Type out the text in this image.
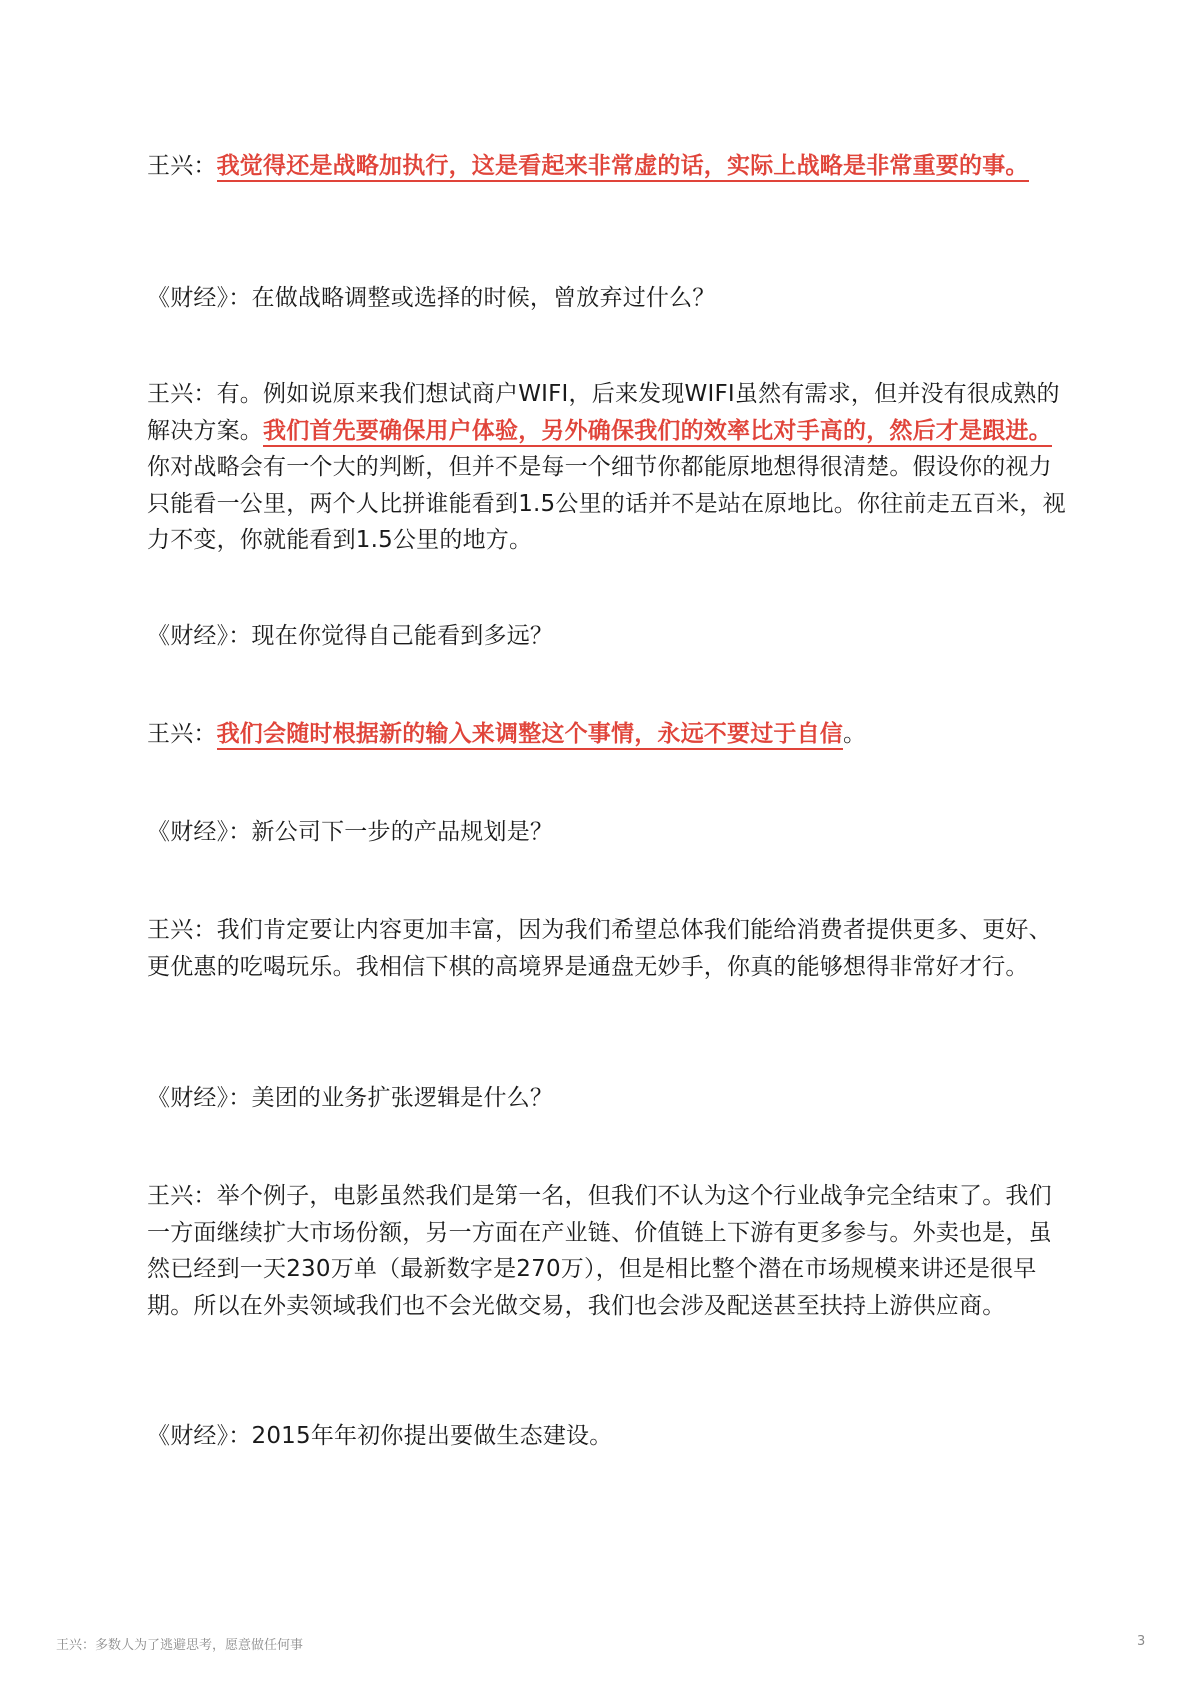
王兴：我觉得还是战略加执行，这是看起来非常虚的话，实际上战略是非常重要的事。
《财经》：在做战略调整或选择的时候，曾放弃过什么？
王兴：有。例如说原来我们想试商户WIFI，后来发现WIFI虽然有需求，但并没有很成熟的解决方案。我们首先要确保用户体验，另外确保我们的效率比对手高的，然后才是跟进。你对战略会有一个大的判断，但并不是每一个细节你都能原地想得很清楚。假设你的视力只能看一公里，两个人比拼谁能看到1.5公里的话并不是站在原地比。你往前走五百米，视力不变，你就能看到1.5公里的地方。
《财经》：现在你觉得自己能看到多远？
王兴：我们会随时根据新的输入来调整这个事情，永远不要过于自信。
《财经》：新公司下一步的产品规划是？
王兴：我们肯定要让内容更加丰富，因为我们希望总体我们能给消费者提供更多、更好、更优惠的吃喝玩乐。我相信下棋的高境界是通盘无妙手，你真的能够想得非常好才行。
《财经》：美团的业务扩张逻辑是什么？
王兴：举个例子，电影虽然我们是第一名，但我们不认为这个行业战争完全结束了。我们一方面继续扩大市场份额，另一方面在产业链、价值链上下游有更多参与。外卖也是，虽然已经到一天230万单（最新数字是270万），但是相比整个潜在市场规模来讲还是很早期。所以在外卖领域我们也不会光做交易，我们也会涉及配送甚至扶持上游供应商。
《财经》：2015年年初你提出要做生态建设。
王兴：多数人为了逃避思考，愿意做任何事	3
